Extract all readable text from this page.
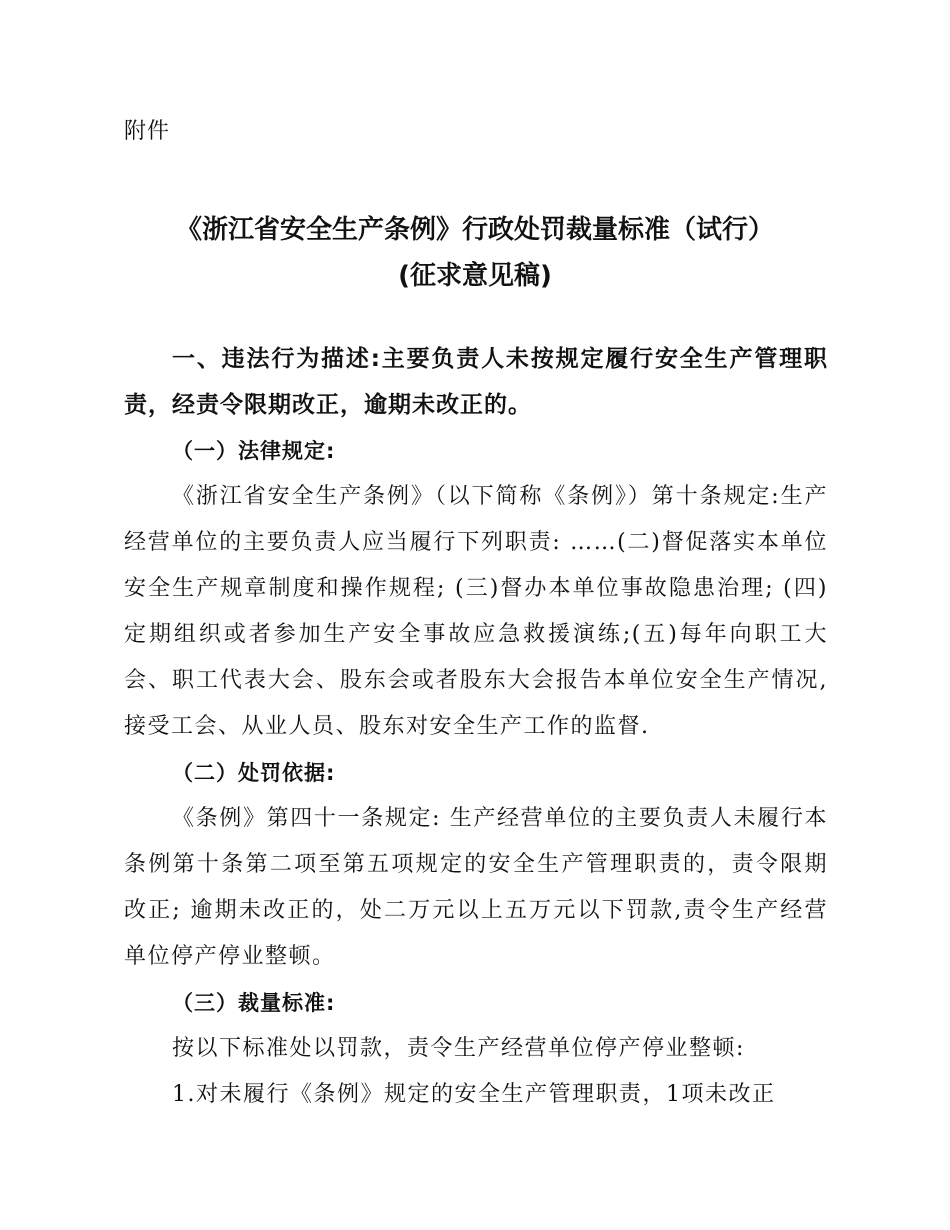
附件
《浙江省安全生产条例》行政处罚裁量标准（试行）
(征求意见稿)

一、违法行为描述:主要负责人未按规定履行安全生产管理职责，经责令限期改正，逾期未改正的。

（一）法律规定:

《浙江省安全生产条例》（以下简称《条例》）第十条规定:生产经营单位的主要负责人应当履行下列职责: ……(二)督促落实本单位安全生产规章制度和操作规程; (三)督办本单位事故隐患治理; (四)定期组织或者参加生产安全事故应急救援演练;(五)每年向职工大会、职工代表大会、股东会或者股东大会报告本单位安全生产情况,接受工会、从业人员、股东对安全生产工作的监督.

（二）处罚依据:

《条例》第四十一条规定: 生产经营单位的主要负责人未履行本条例第十条第二项至第五项规定的安全生产管理职责的，责令限期改正; 逾期未改正的，处二万元以上五万元以下罚款,责令生产经营单位停产停业整顿。

（三）裁量标准:

按以下标准处以罚款，责令生产经营单位停产停业整顿:

1.对未履行《条例》规定的安全生产管理职责，1项未改正
